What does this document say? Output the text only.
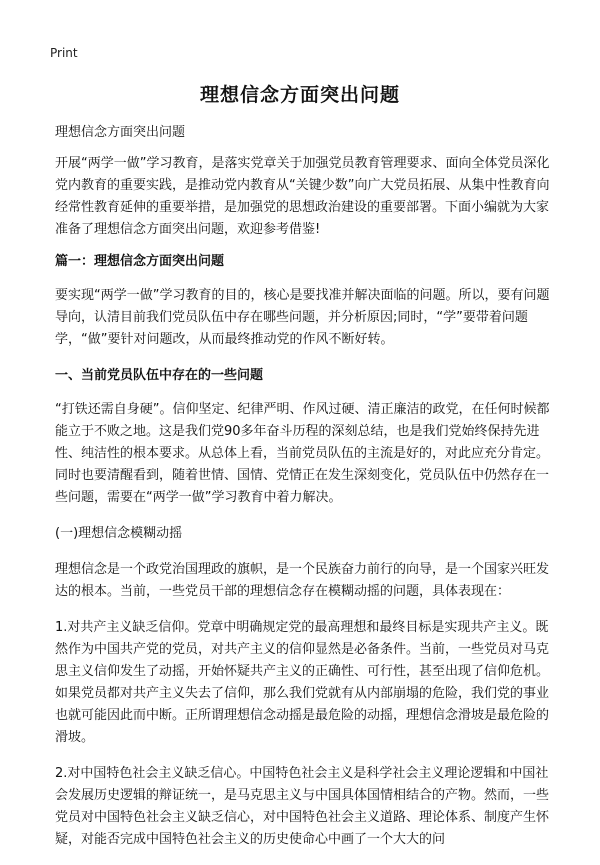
Print
理想信念方面突出问题

理想信念方面突出问题

开展“两学一做”学习教育，是落实党章关于加强党员教育管理要求、面向全体党员深化党内教育的重要实践，是推动党内教育从“关键少数”向广大党员拓展、从集中性教育向经常性教育延伸的重要举措，是加强党的思想政治建设的重要部署。下面小编就为大家准备了理想信念方面突出问题，欢迎参考借鉴!

篇一：理想信念方面突出问题

要实现“两学一做”学习教育的目的，核心是要找准并解决面临的问题。所以，要有问题导向，认清目前我们党员队伍中存在哪些问题，并分析原因;同时，“学”要带着问题学，“做”要针对问题改，从而最终推动党的作风不断好转。

一、当前党员队伍中存在的一些问题

“打铁还需自身硬”。信仰坚定、纪律严明、作风过硬、清正廉洁的政党，在任何时候都能立于不败之地。这是我们党90多年奋斗历程的深刻总结，也是我们党始终保持先进性、纯洁性的根本要求。从总体上看，当前党员队伍的主流是好的，对此应充分肯定。同时也要清醒看到，随着世情、国情、党情正在发生深刻变化，党员队伍中仍然存在一些问题，需要在“两学一做”学习教育中着力解决。

(一)理想信念模糊动摇

理想信念是一个政党治国理政的旗帜，是一个民族奋力前行的向导，是一个国家兴旺发达的根本。当前，一些党员干部的理想信念存在模糊动摇的问题，具体表现在：

1.对共产主义缺乏信仰。党章中明确规定党的最高理想和最终目标是实现共产主义。既然作为中国共产党的党员，对共产主义的信仰显然是必备条件。当前，一些党员对马克思主义信仰发生了动摇，开始怀疑共产主义的正确性、可行性，甚至出现了信仰危机。如果党员都对共产主义失去了信仰，那么我们党就有从内部崩塌的危险，我们党的事业也就可能因此而中断。正所谓理想信念动摇是最危险的动摇，理想信念滑坡是最危险的滑坡。

2.对中国特色社会主义缺乏信心。中国特色社会主义是科学社会主义理论逻辑和中国社会发展历史逻辑的辩证统一，是马克思主义与中国具体国情相结合的产物。然而，一些党员对中国特色社会主义缺乏信心，对中国特色社会主义道路、理论体系、制度产生怀疑，对能否完成中国特色社会主义的历史使命心中画了一个大大的问
